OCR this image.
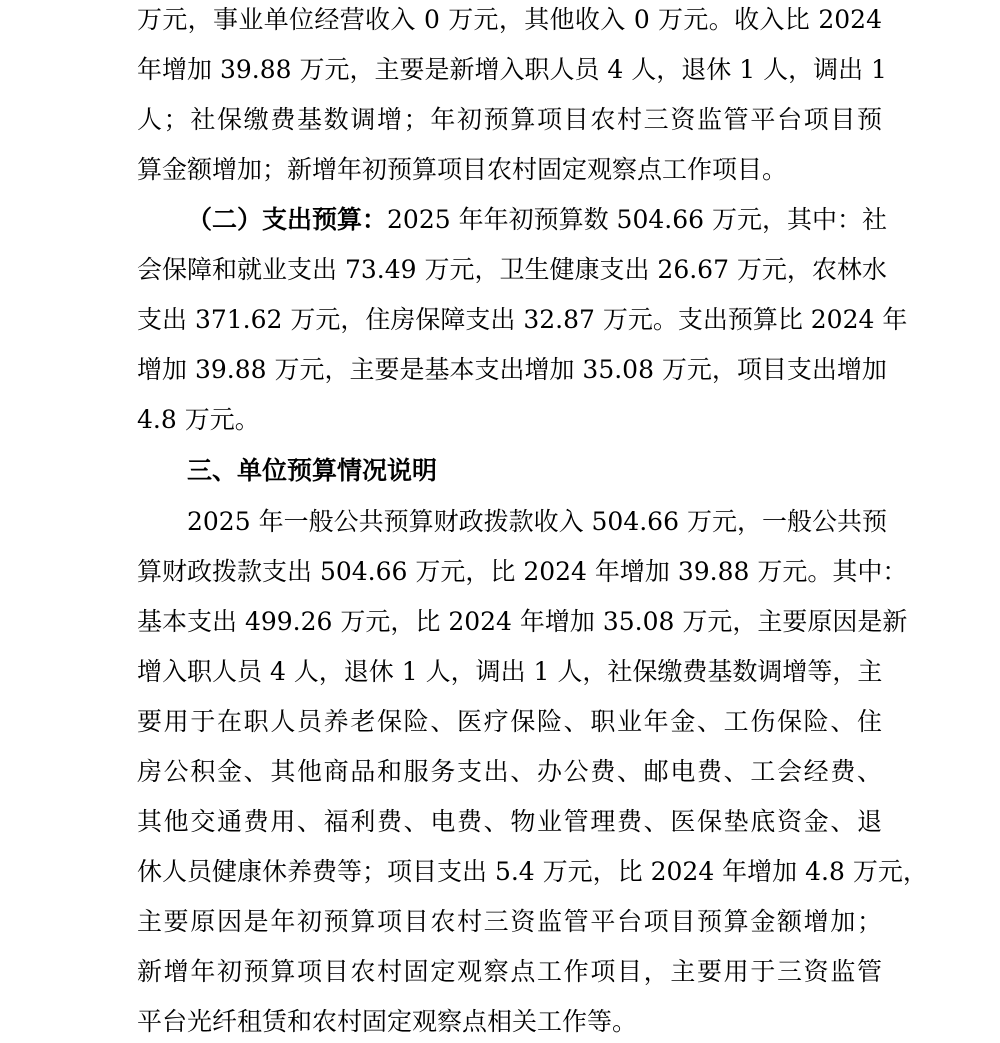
万元，事业单位经营收入 0 万元，其他收入 0 万元。收入比 2024
年增加 39.88 万元，主要是新增入职人员 4 人，退休 1 人，调出 1
人；社保缴费基数调增；年初预算项目农村三资监管平台项目预
算金额增加；新增年初预算项目农村固定观察点工作项目。
（二）支出预算：2025 年年初预算数 504.66 万元，其中：社
会保障和就业支出 73.49 万元，卫生健康支出 26.67 万元，农林水
支出 371.62 万元，住房保障支出 32.87 万元。支出预算比 2024 年
增加 39.88 万元，主要是基本支出增加 35.08 万元，项目支出增加
4.8 万元。
三、单位预算情况说明
2025 年一般公共预算财政拨款收入 504.66 万元，一般公共预
算财政拨款支出 504.66 万元，比 2024 年增加 39.88 万元。其中：
基本支出 499.26 万元，比 2024 年增加 35.08 万元，主要原因是新
增入职人员 4 人，退休 1 人，调出 1 人，社保缴费基数调增等，主
要用于在职人员养老保险、医疗保险、职业年金、工伤保险、住
房公积金、其他商品和服务支出、办公费、邮电费、工会经费、
其他交通费用、福利费、电费、物业管理费、医保垫底资金、退
休人员健康休养费等；项目支出 5.4 万元，比 2024 年增加 4.8 万元，
主要原因是年初预算项目农村三资监管平台项目预算金额增加；
新增年初预算项目农村固定观察点工作项目，主要用于三资监管
平台光纤租赁和农村固定观察点相关工作等。
